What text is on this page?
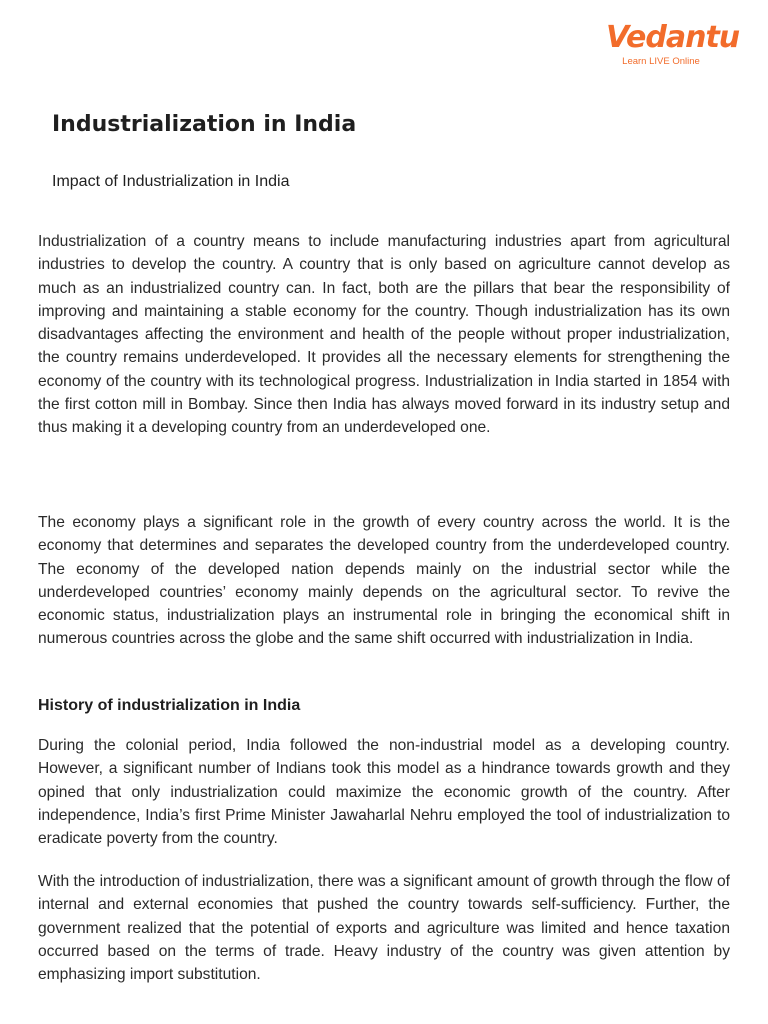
Vedantu
Learn LIVE Online
Industrialization in India
Impact of Industrialization in India

Industrialization of a country means to include manufacturing industries apart from agricultural industries to develop the country. A country that is only based on agriculture cannot develop as much as an industrialized country can. In fact, both are the pillars that bear the responsibility of improving and maintaining a stable economy for the country. Though industrialization has its own disadvantages affecting the environment and health of the people without proper industrialization, the country remains underdeveloped. It provides all the necessary elements for strengthening the economy of the country with its technological progress. Industrialization in India started in 1854 with the first cotton mill in Bombay. Since then India has always moved forward in its industry setup and thus making it a developing country from an underdeveloped one.

The economy plays a significant role in the growth of every country across the world. It is the economy that determines and separates the developed country from the underdeveloped country. The economy of the developed nation depends mainly on the industrial sector while the underdeveloped countries’ economy mainly depends on the agricultural sector. To revive the economic status, industrialization plays an instrumental role in bringing the economical shift in numerous countries across the globe and the same shift occurred with industrialization in India.

History of industrialization in India

During the colonial period, India followed the non-industrial model as a developing country. However, a significant number of Indians took this model as a hindrance towards growth and they opined that only industrialization could maximize the economic growth of the country. After independence, India’s first Prime Minister Jawaharlal Nehru employed the tool of industrialization to eradicate poverty from the country.

With the introduction of industrialization, there was a significant amount of growth through the flow of internal and external economies that pushed the country towards self-sufficiency. Further, the government realized that the potential of exports and agriculture was limited and hence taxation occurred based on the terms of trade. Heavy industry of the country was given attention by emphasizing import substitution.
